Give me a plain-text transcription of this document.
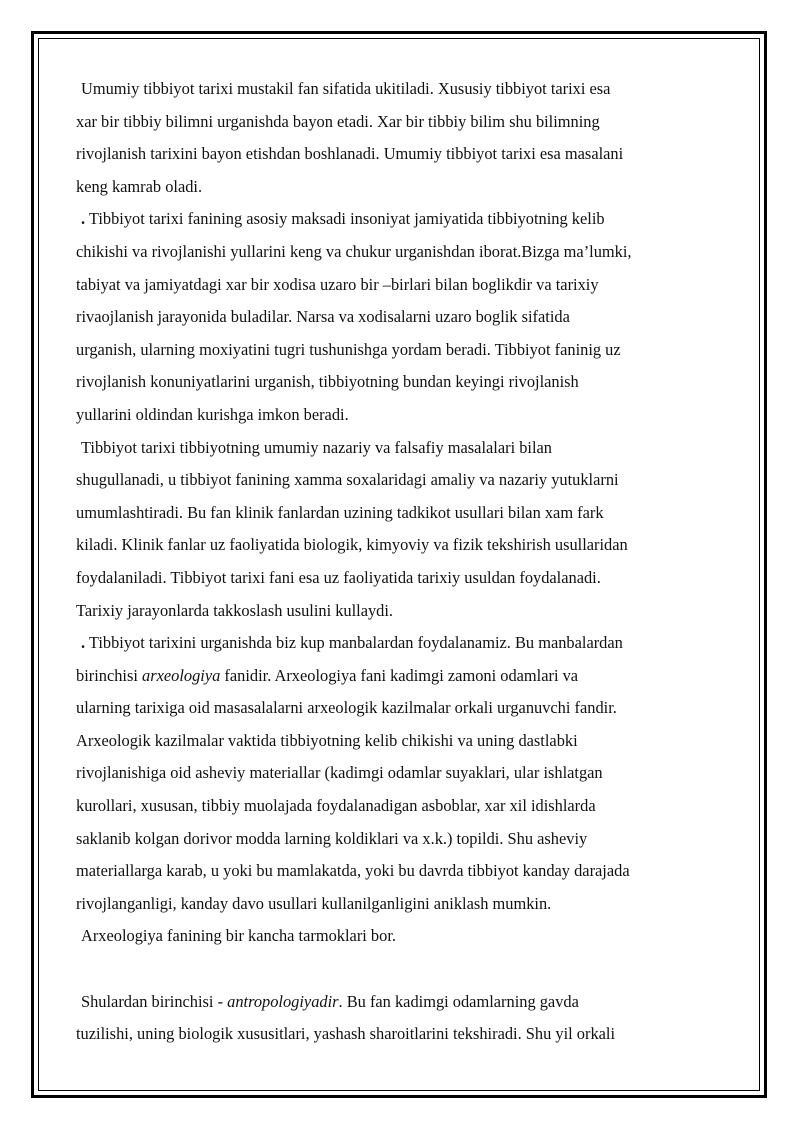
Umumiy tibbiyot tarixi mustakil fan sifatida ukitiladi. Xususiy tibbiyot tarixi esa
xar bir tibbiy bilimni urganishda bayon etadi. Xar bir tibbiy bilim shu bilimning
rivojlanish tarixini bayon etishdan boshlanadi. Umumiy tibbiyot tarixi esa masalani
keng kamrab oladi.
. Tibbiyot tarixi fanining asosiy maksadi insoniyat jamiyatida tibbiyotning kelib
chikishi va rivojlanishi yullarini keng va chukur urganishdan iborat.Bizga ma’lumki,
tabiyat va jamiyatdagi xar bir xodisa uzaro bir –birlari bilan boglikdir va tarixiy
rivaojlanish jarayonida buladilar. Narsa va xodisalarni uzaro boglik sifatida
urganish, ularning moxiyatini tugri tushunishga yordam beradi. Tibbiyot faninig uz
rivojlanish konuniyatlarini urganish, tibbiyotning bundan keyingi rivojlanish
yullarini oldindan kurishga imkon beradi.
Tibbiyot tarixi tibbiyotning umumiy nazariy va falsafiy masalalari bilan
shugullanadi, u tibbiyot fanining xamma soxalaridagi amaliy va nazariy yutuklarni
umumlashtiradi. Bu fan klinik fanlardan uzining tadkikot usullari bilan xam fark
kiladi. Klinik fanlar uz faoliyatida biologik, kimyoviy va fizik tekshirish usullaridan
foydalaniladi. Tibbiyot tarixi fani esa uz faoliyatida tarixiy usuldan foydalanadi.
Tarixiy jarayonlarda takkoslash usulini kullaydi.
. Tibbiyot tarixini urganishda biz kup manbalardan foydalanamiz. Bu manbalardan
birinchisi arxeologiya fanidir. Arxeologiya fani kadimgi zamoni odamlari va
ularning tarixiga oid masasalalarni arxeologik kazilmalar orkali urganuvchi fandir.
Arxeologik kazilmalar vaktida tibbiyotning kelib chikishi va uning dastlabki
rivojlanishiga oid asheviy materiallar (kadimgi odamlar suyaklari, ular ishlatgan
kurollari, xususan, tibbiy muolajada foydalanadigan asboblar, xar xil idishlarda
saklanib kolgan dorivor modda larning koldiklari va x.k.) topildi. Shu asheviy
materiallarga karab, u yoki bu mamlakatda, yoki bu davrda tibbiyot kanday darajada
rivojlanganligi, kanday davo usullari kullanilganligini aniklash mumkin.
Arxeologiya fanining bir kancha tarmoklari bor.
Shulardan birinchisi - antropologiyadir. Bu fan kadimgi odamlarning gavda
tuzilishi, uning biologik xususitlari, yashash sharoitlarini tekshiradi. Shu yil orkali
